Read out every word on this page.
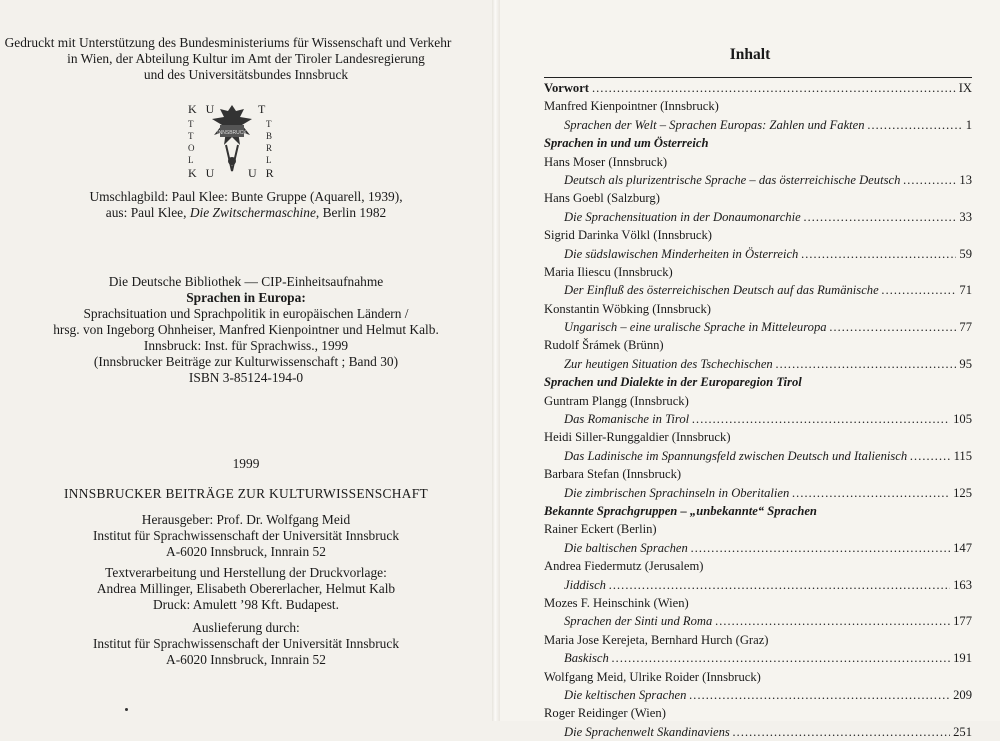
Gedruckt mit Unterstützung des Bundesministeriums für Wissenschaft und Verkehr
in Wien, der Abteilung Kultur im Amt der Tiroler Landesregierung
und des Universitätsbundes Innsbruck
K U	T
K U	U R
T
T
O
L
T
B
R
L
INNSBRUCK
Umschlagbild: Paul Klee: Bunte Gruppe (Aquarell, 1939),
aus: Paul Klee, Die Zwitschermaschine, Berlin 1982
Die Deutsche Bibliothek — CIP-Einheitsaufnahme
Sprachen in Europa:
Sprachsituation und Sprachpolitik in europäischen Ländern /
hrsg. von Ingeborg Ohnheiser, Manfred Kienpointner und Helmut Kalb.
Innsbruck: Inst. für Sprachwiss., 1999
(Innsbrucker Beiträge zur Kulturwissenschaft ; Band 30)
ISBN 3-85124-194-0
1999
INNSBRUCKER BEITRÄGE ZUR KULTURWISSENSCHAFT
Herausgeber: Prof. Dr. Wolfgang Meid
Institut für Sprachwissenschaft der Universität Innsbruck
A-6020 Innsbruck, Innrain 52
Textverarbeitung und Herstellung der Druckvorlage:
Andrea Millinger, Elisabeth Obererlacher, Helmut Kalb
Druck: Amulett ’98 Kft. Budapest.
Auslieferung durch:
Institut für Sprachwissenschaft der Universität Innsbruck
A-6020 Innsbruck, Innrain 52
Inhalt
Vorwort .....	IX
Manfred Kienpointner (Innsbruck)
Sprachen der Welt – Sprachen Europas: Zahlen und Fakten .....	1
Sprachen in und um Österreich
Hans Moser (Innsbruck)
Deutsch als plurizentrische Sprache – das österreichische Deutsch .....	13
Hans Goebl (Salzburg)
Die Sprachensituation in der Donaumonarchie .....	33
Sigrid Darinka Völkl (Innsbruck)
Die südslawischen Minderheiten in Österreich .....	59
Maria Iliescu (Innsbruck)
Der Einfluß des österreichischen Deutsch auf das Rumänische .....	71
Konstantin Wöbking (Innsbruck)
Ungarisch – eine uralische Sprache in Mitteleuropa .....	77
Rudolf Šrámek (Brünn)
Zur heutigen Situation des Tschechischen .....	95
Sprachen und Dialekte in der Europaregion Tirol
Guntram Plangg (Innsbruck)
Das Romanische in Tirol .....	105
Heidi Siller-Runggaldier (Innsbruck)
Das Ladinische im Spannungsfeld zwischen Deutsch und Italienisch .....	115
Barbara Stefan (Innsbruck)
Die zimbrischen Sprachinseln in Oberitalien .....	125
Bekannte Sprachgruppen – „unbekannte“ Sprachen
Rainer Eckert (Berlin)
Die baltischen Sprachen .....	147
Andrea Fiedermutz (Jerusalem)
Jiddisch .....	163
Mozes F. Heinschink (Wien)
Sprachen der Sinti und Roma .....	177
Maria Jose Kerejeta, Bernhard Hurch (Graz)
Baskisch .....	191
Wolfgang Meid, Ulrike Roider (Innsbruck)
Die keltischen Sprachen .....	209
Roger Reidinger (Wien)
Die Sprachenwelt Skandinaviens .....	251
